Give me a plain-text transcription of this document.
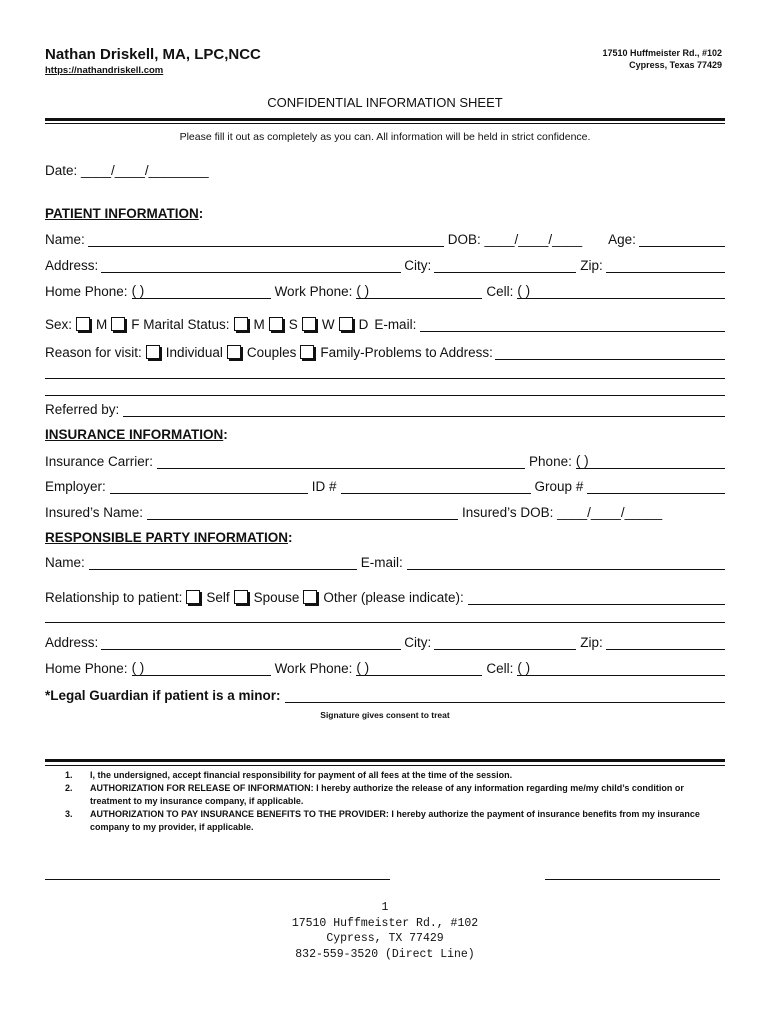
Nathan Driskell, MA, LPC,NCC
https://nathandriskell.com
17510 Huffmeister Rd., #102
Cypress, Texas 77429
CONFIDENTIAL INFORMATION SHEET
Please fill it out as completely as you can. All information will be held in strict confidence.
Date: ____/____/________
PATIENT INFORMATION :
Name:	DOB: ____/____/____ Age:
Address:	City:	Zip:
Home Phone: ( )	Work Phone: ( )	Cell: ( )
Sex: M F Marital Status: M S W D E-mail:
Reason for visit: Individual Couples Family-Problems to Address:
Referred by:
INSURANCE INFORMATION :
Insurance Carrier:	Phone: ( )
Employer:	ID #	Group #
Insured’s Name:	Insured’s DOB: ____/____/_____
RESPONSIBLE PARTY INFORMATION :
Name:	E-mail:
Relationship to patient: Self Spouse Other (please indicate):
Address:	City:	Zip:
Home Phone: ( )	Work Phone: ( )	Cell: ( )
*Legal Guardian if patient is a minor:
Signature gives consent to treat
1.	I, the undersigned, accept financial responsibility for payment of all fees at the time of the session.
2.	AUTHORIZATION FOR RELEASE OF INFORMATION: I hereby authorize the release of any information regarding me/my child’s condition or treatment to my insurance company, if applicable.
3.	AUTHORIZATION TO PAY INSURANCE BENEFITS TO THE PROVIDER: I hereby authorize the payment of insurance benefits from my insurance company to my provider, if applicable.
1
17510 Huffmeister Rd., #102
Cypress, TX 77429
832-559-3520 (Direct Line)
